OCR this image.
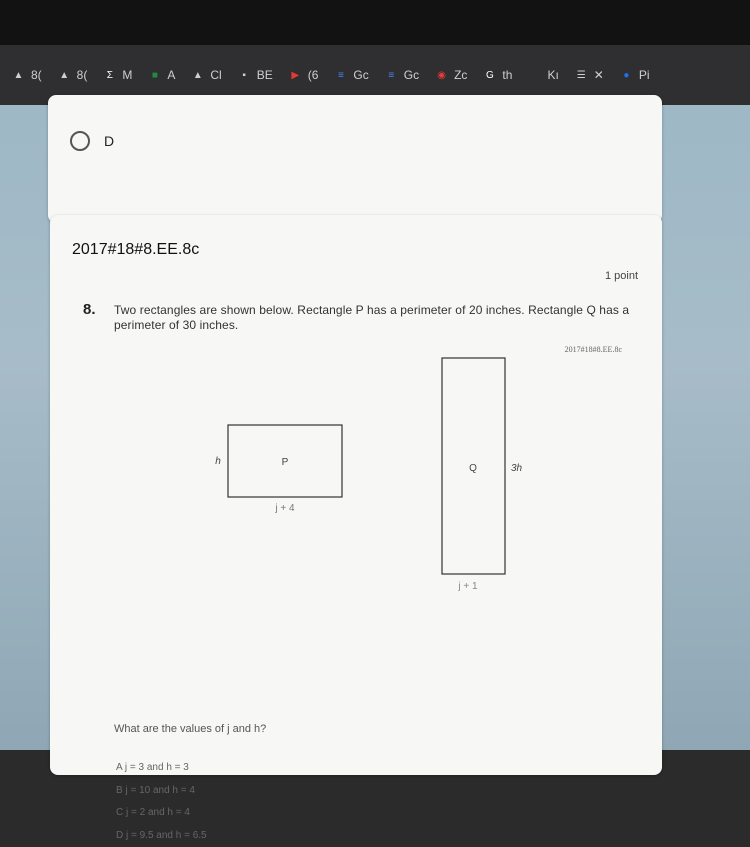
▲ 8( ▲ 8(	Σ M	■ A ▲ Cl	▪ BE ▶ (6	≡ Gc	≡ Gc ◉ Zc G th	Kı ☰ ✕	● Pi
D
2017#18#8.EE.8c
1 point
8. Two rectangles are shown below. Rectangle P has a perimeter of 20 inches. Rectangle Q has a perimeter of 30 inches.
2017#18#8.EE.8c
P
h
j + 4
Q	3h
j + 1
What are the values of j and h?
A j = 3 and h = 3
B j = 10 and h = 4
C j = 2 and h = 4
D j = 9.5 and h = 6.5
